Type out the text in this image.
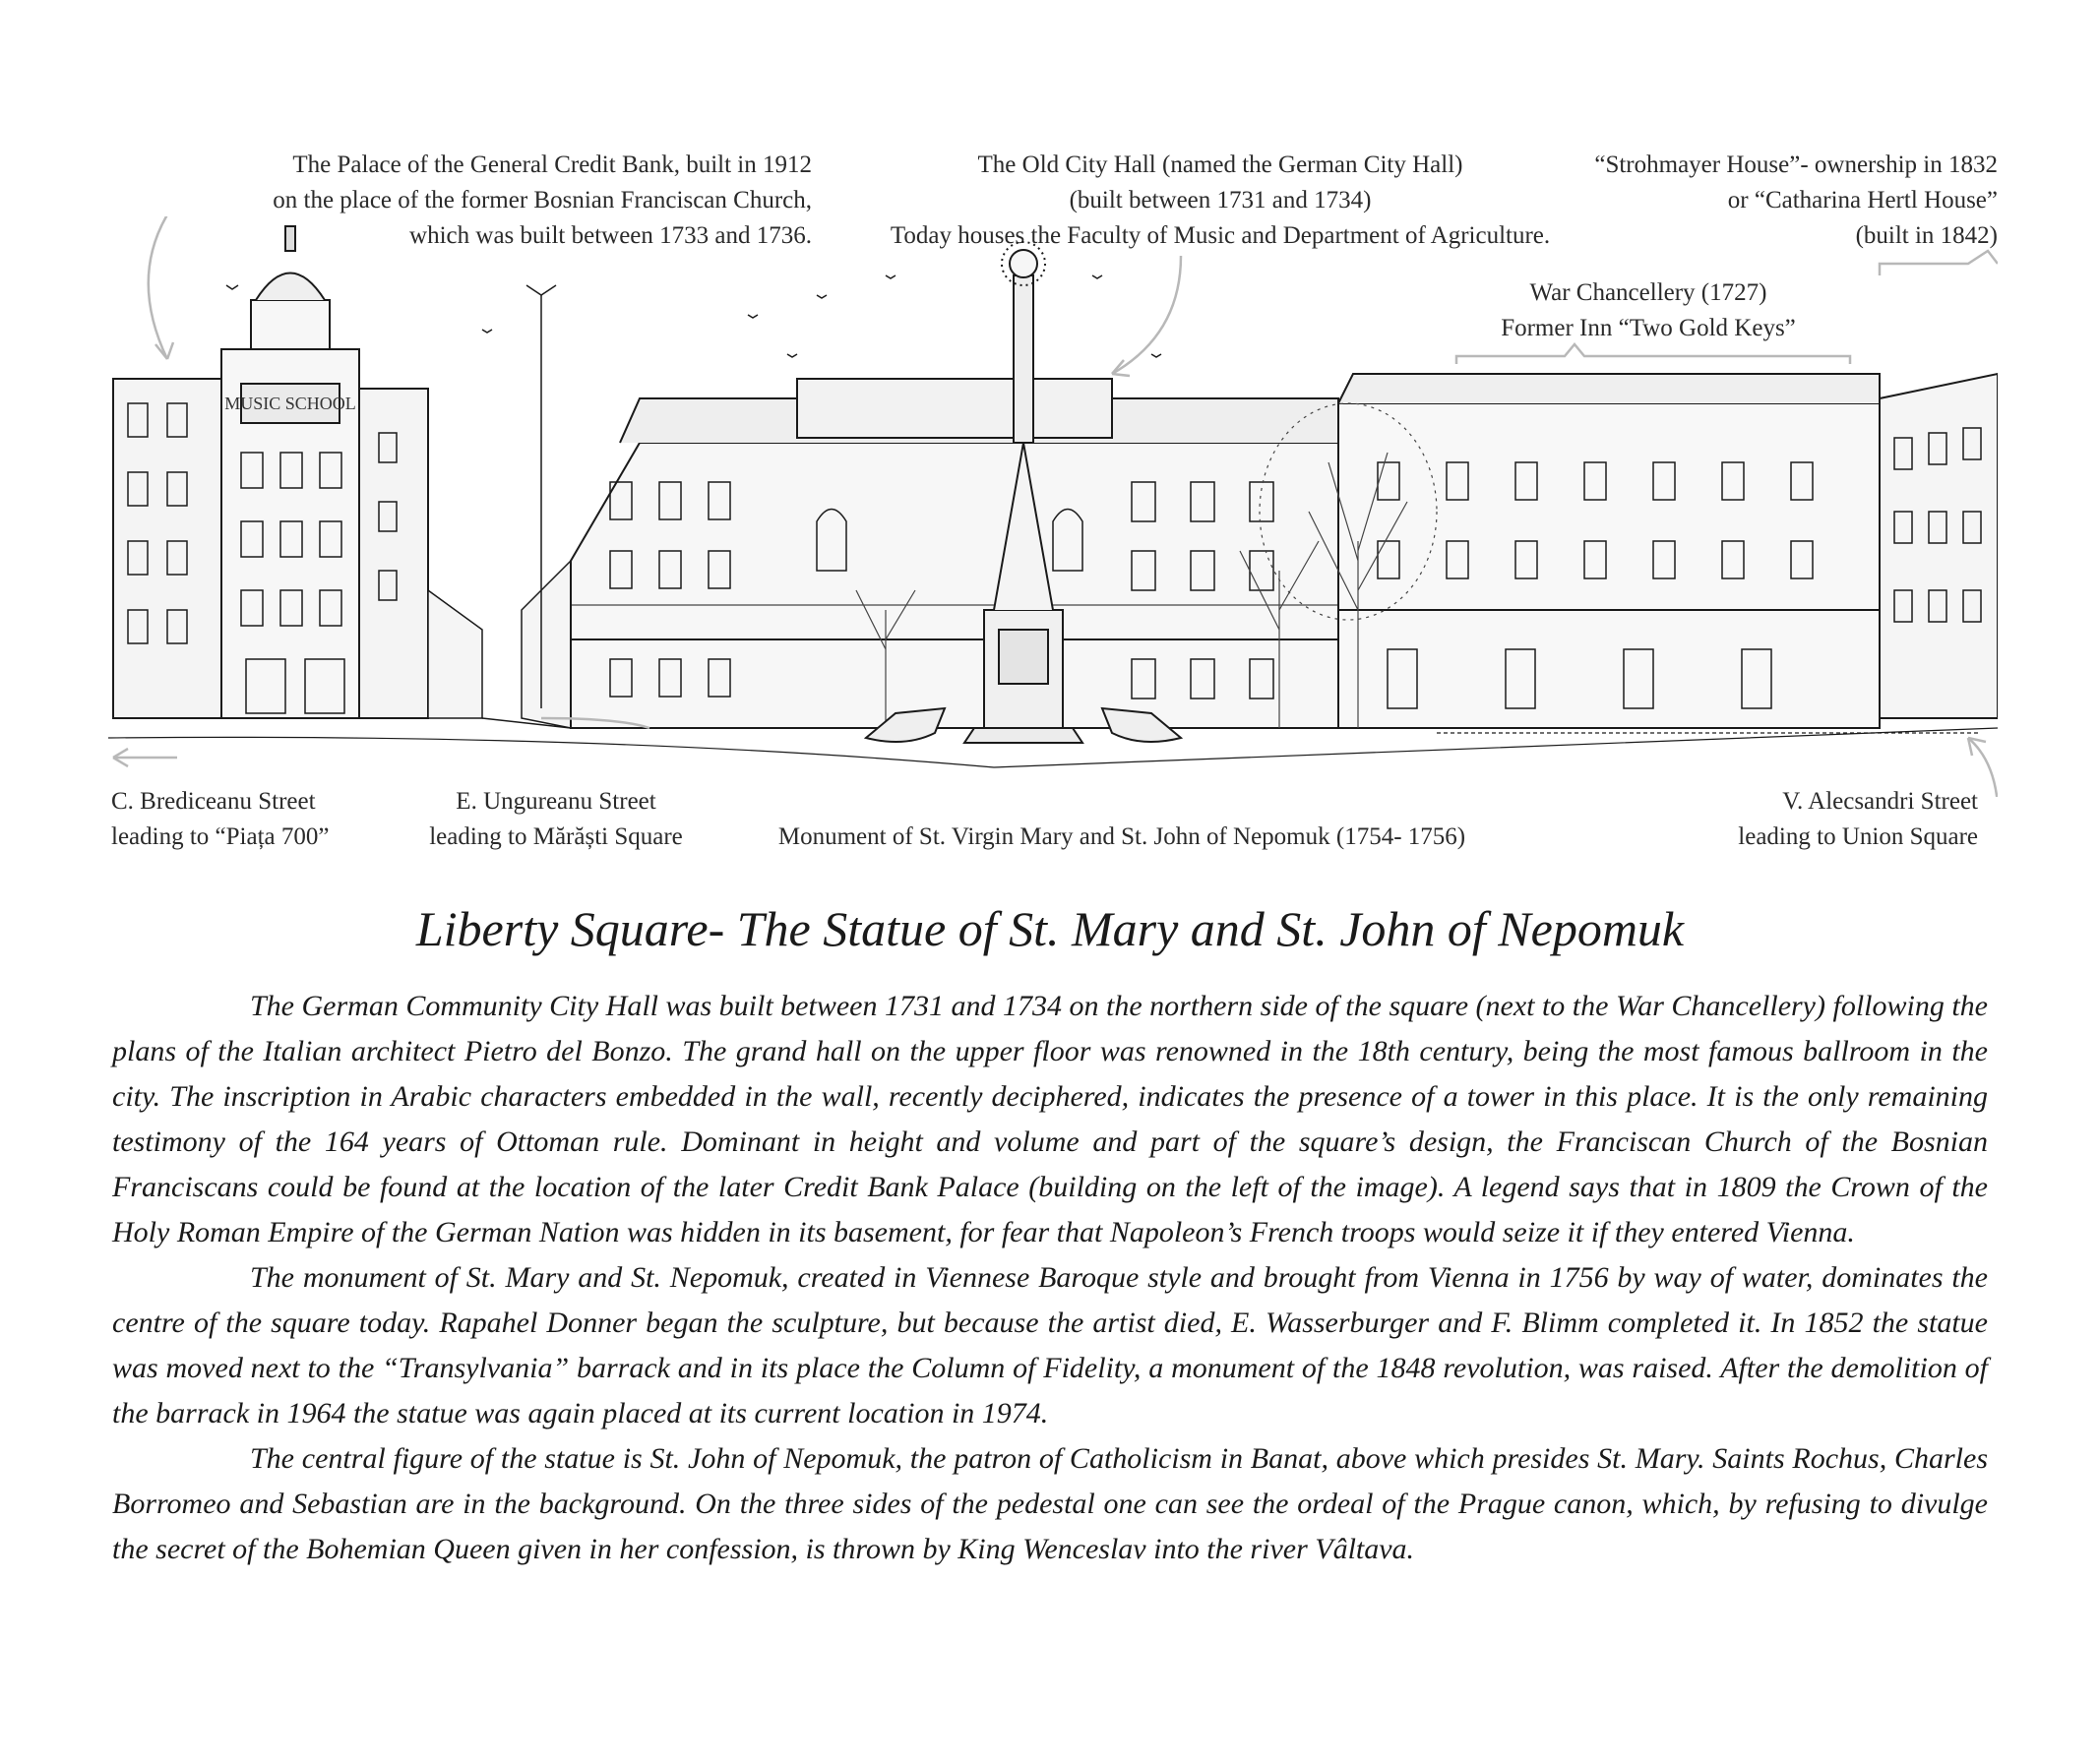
The Palace of the General Credit Bank, built in 1912
on the place of the former Bosnian Franciscan Church,
which was built between 1733 and 1736.
The Old City Hall (named the German City Hall)
(built between 1731 and 1734)
Today houses the Faculty of Music and Department of Agriculture.
“Strohmayer House”- ownership in 1832
or “Catharina Hertl House”
(built in 1842)
War Chancellery (1727)
Former Inn “Two Gold Keys”
MUSIC SCHOOL
C. Brediceanu Street
leading to “Piața 700”
E. Ungureanu Street
leading to Mărăști Square	Monument of St. Virgin Mary and St. John of Nepomuk (1754- 1756)
V. Alecsandri Street
leading to Union Square
Liberty Square- The Statue of St. Mary and St. John of Nepomuk

The German Community City Hall was built between 1731 and 1734 on the northern side of the square (next to the War Chancellery) following the plans of the Italian architect Pietro del Bonzo. The grand hall on the upper floor was renowned in the 18th century, being the most famous ballroom in the city. The inscription in Arabic characters embedded in the wall, recently deciphered, indicates the presence of a tower in this place. It is the only remaining testimony of the 164 years of Ottoman rule. Dominant in height and volume and part of the square’s design, the Franciscan Church of the Bosnian Franciscans could be found at the location of the later Credit Bank Palace (building on the left of the image). A legend says that in 1809 the Crown of the Holy Roman Empire of the German Nation was hidden in its basement, for fear that Napoleon’s French troops would seize it if they entered Vienna.

The monument of St. Mary and St. Nepomuk, created in Viennese Baroque style and brought from Vienna in 1756 by way of water, dominates the centre of the square today. Rapahel Donner began the sculpture, but because the artist died, E. Wasserburger and F. Blimm completed it. In 1852 the statue was moved next to the “Transylvania” barrack and in its place the Column of Fidelity, a monument of the 1848 revolution, was raised. After the demolition of the barrack in 1964 the statue was again placed at its current location in 1974.

The central figure of the statue is St. John of Nepomuk, the patron of Catholicism in Banat, above which presides St. Mary. Saints Rochus, Charles Borromeo and Sebastian are in the background. On the three sides of the pedestal one can see the ordeal of the Prague canon, which, by refusing to divulge the secret of the Bohemian Queen given in her confession, is thrown by King Wenceslav into the river Vâltava.
